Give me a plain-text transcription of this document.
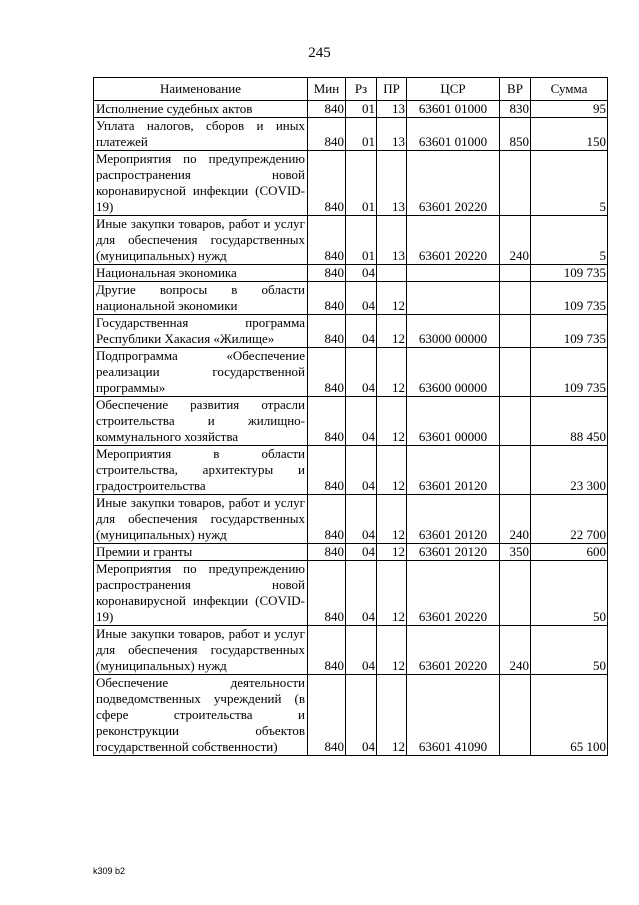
245
Наименование	Мин	Рз	ПР	ЦСР	ВР	Сумма
Исполнение судебных актов	840	01	13	63601 01000	830	95
Уплата налогов, сборов и иных платежей	840	01	13	63601 01000	850	150
Мероприятия по предупреждению распространения новой коронавирусной инфекции (COVID-19)	840	01	13	63601 20220		5
Иные закупки товаров, работ и услуг для обеспечения государственных (муниципальных) нужд	840	01	13	63601 20220	240	5
Национальная экономика	840	04				109 735
Другие вопросы в области национальной экономики	840	04	12			109 735
Государственная программа Республики Хакасия «Жилище»	840	04	12	63000 00000		109 735
Подпрограмма «Обеспечение реализации государственной программы»	840	04	12	63600 00000		109 735
Обеспечение развития отрасли строительства и жилищно-коммунального хозяйства	840	04	12	63601 00000		88 450
Мероприятия в области строительства, архитектуры и градостроительства	840	04	12	63601 20120		23 300
Иные закупки товаров, работ и услуг для обеспечения государственных (муниципальных) нужд	840	04	12	63601 20120	240	22 700
Премии и гранты	840	04	12	63601 20120	350	600
Мероприятия по предупреждению распространения новой коронавирусной инфекции (COVID-19)	840	04	12	63601 20220		50
Иные закупки товаров, работ и услуг для обеспечения государственных (муниципальных) нужд	840	04	12	63601 20220	240	50
Обеспечение деятельности подведомственных учреждений (в сфере строительства и реконструкции объектов государственной собственности)	840	04	12	63601 41090		65 100
k309 b2
